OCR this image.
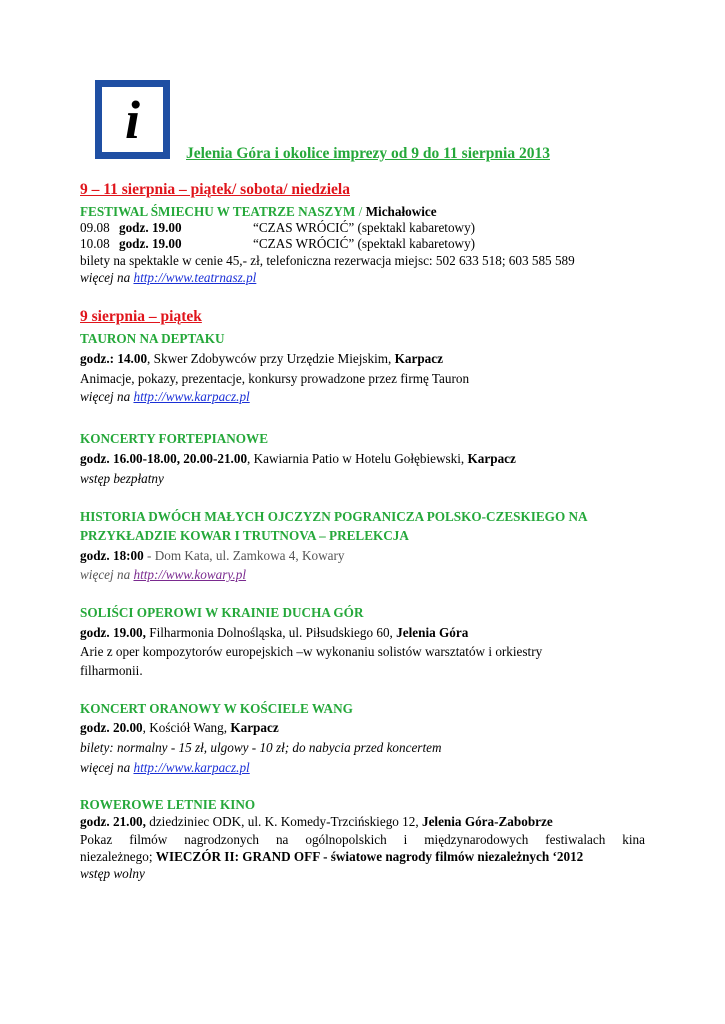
i
Jelenia Góra i okolice imprezy od 9 do 11 sierpnia 2013
9 – 11 sierpnia – piątek/ sobota/ niedziela
FESTIWAL ŚMIECHU W TEATRZE NASZYM / Michałowice
09.08 godz. 19.00	“CZAS WRÓCIĆ” (spektakl kabaretowy)
10.08 godz. 19.00	“CZAS WRÓCIĆ” (spektakl kabaretowy)
bilety na spektakle w cenie 45,- zł, telefoniczna rezerwacja miejsc: 502 633 518; 603 585 589
więcej na http://www.teatrnasz.pl
9 sierpnia – piątek
TAURON NA DEPTAKU
godz.: 14.00, Skwer Zdobywców przy Urzędzie Miejskim, Karpacz
Animacje, pokazy, prezentacje, konkursy prowadzone przez firmę Tauron
więcej na http://www.karpacz.pl
KONCERTY FORTEPIANOWE
godz. 16.00-18.00, 20.00-21.00, Kawiarnia Patio w Hotelu Gołębiewski, Karpacz
wstęp bezpłatny
HISTORIA DWÓCH MAŁYCH OJCZYZN POGRANICZA POLSKO-CZESKIEGO NA
PRZYKŁADZIE KOWAR I TRUTNOVA – PRELEKCJA
godz. 18:00 - Dom Kata, ul. Zamkowa 4, Kowary
więcej na http://www.kowary.pl
SOLIŚCI OPEROWI W KRAINIE DUCHA GÓR
godz. 19.00, Filharmonia Dolnośląska, ul. Piłsudskiego 60, Jelenia Góra
Arie z oper kompozytorów europejskich –w wykonaniu solistów warsztatów i orkiestry
filharmonii.
KONCERT ORANOWY W KOŚCIELE WANG
godz. 20.00, Kościół Wang, Karpacz
bilety: normalny - 15 zł, ulgowy - 10 zł; do nabycia przed koncertem
więcej na http://www.karpacz.pl
ROWEROWE LETNIE KINO
godz. 21.00, dziedziniec ODK, ul. K. Komedy-Trzcińskiego 12, Jelenia Góra-Zabobrze
Pokaz filmów nagrodzonych na ogólnopolskich i międzynarodowych festiwalach kina
niezależnego; WIECZÓR II: GRAND OFF - światowe nagrody filmów niezależnych ‘2012
wstęp wolny
